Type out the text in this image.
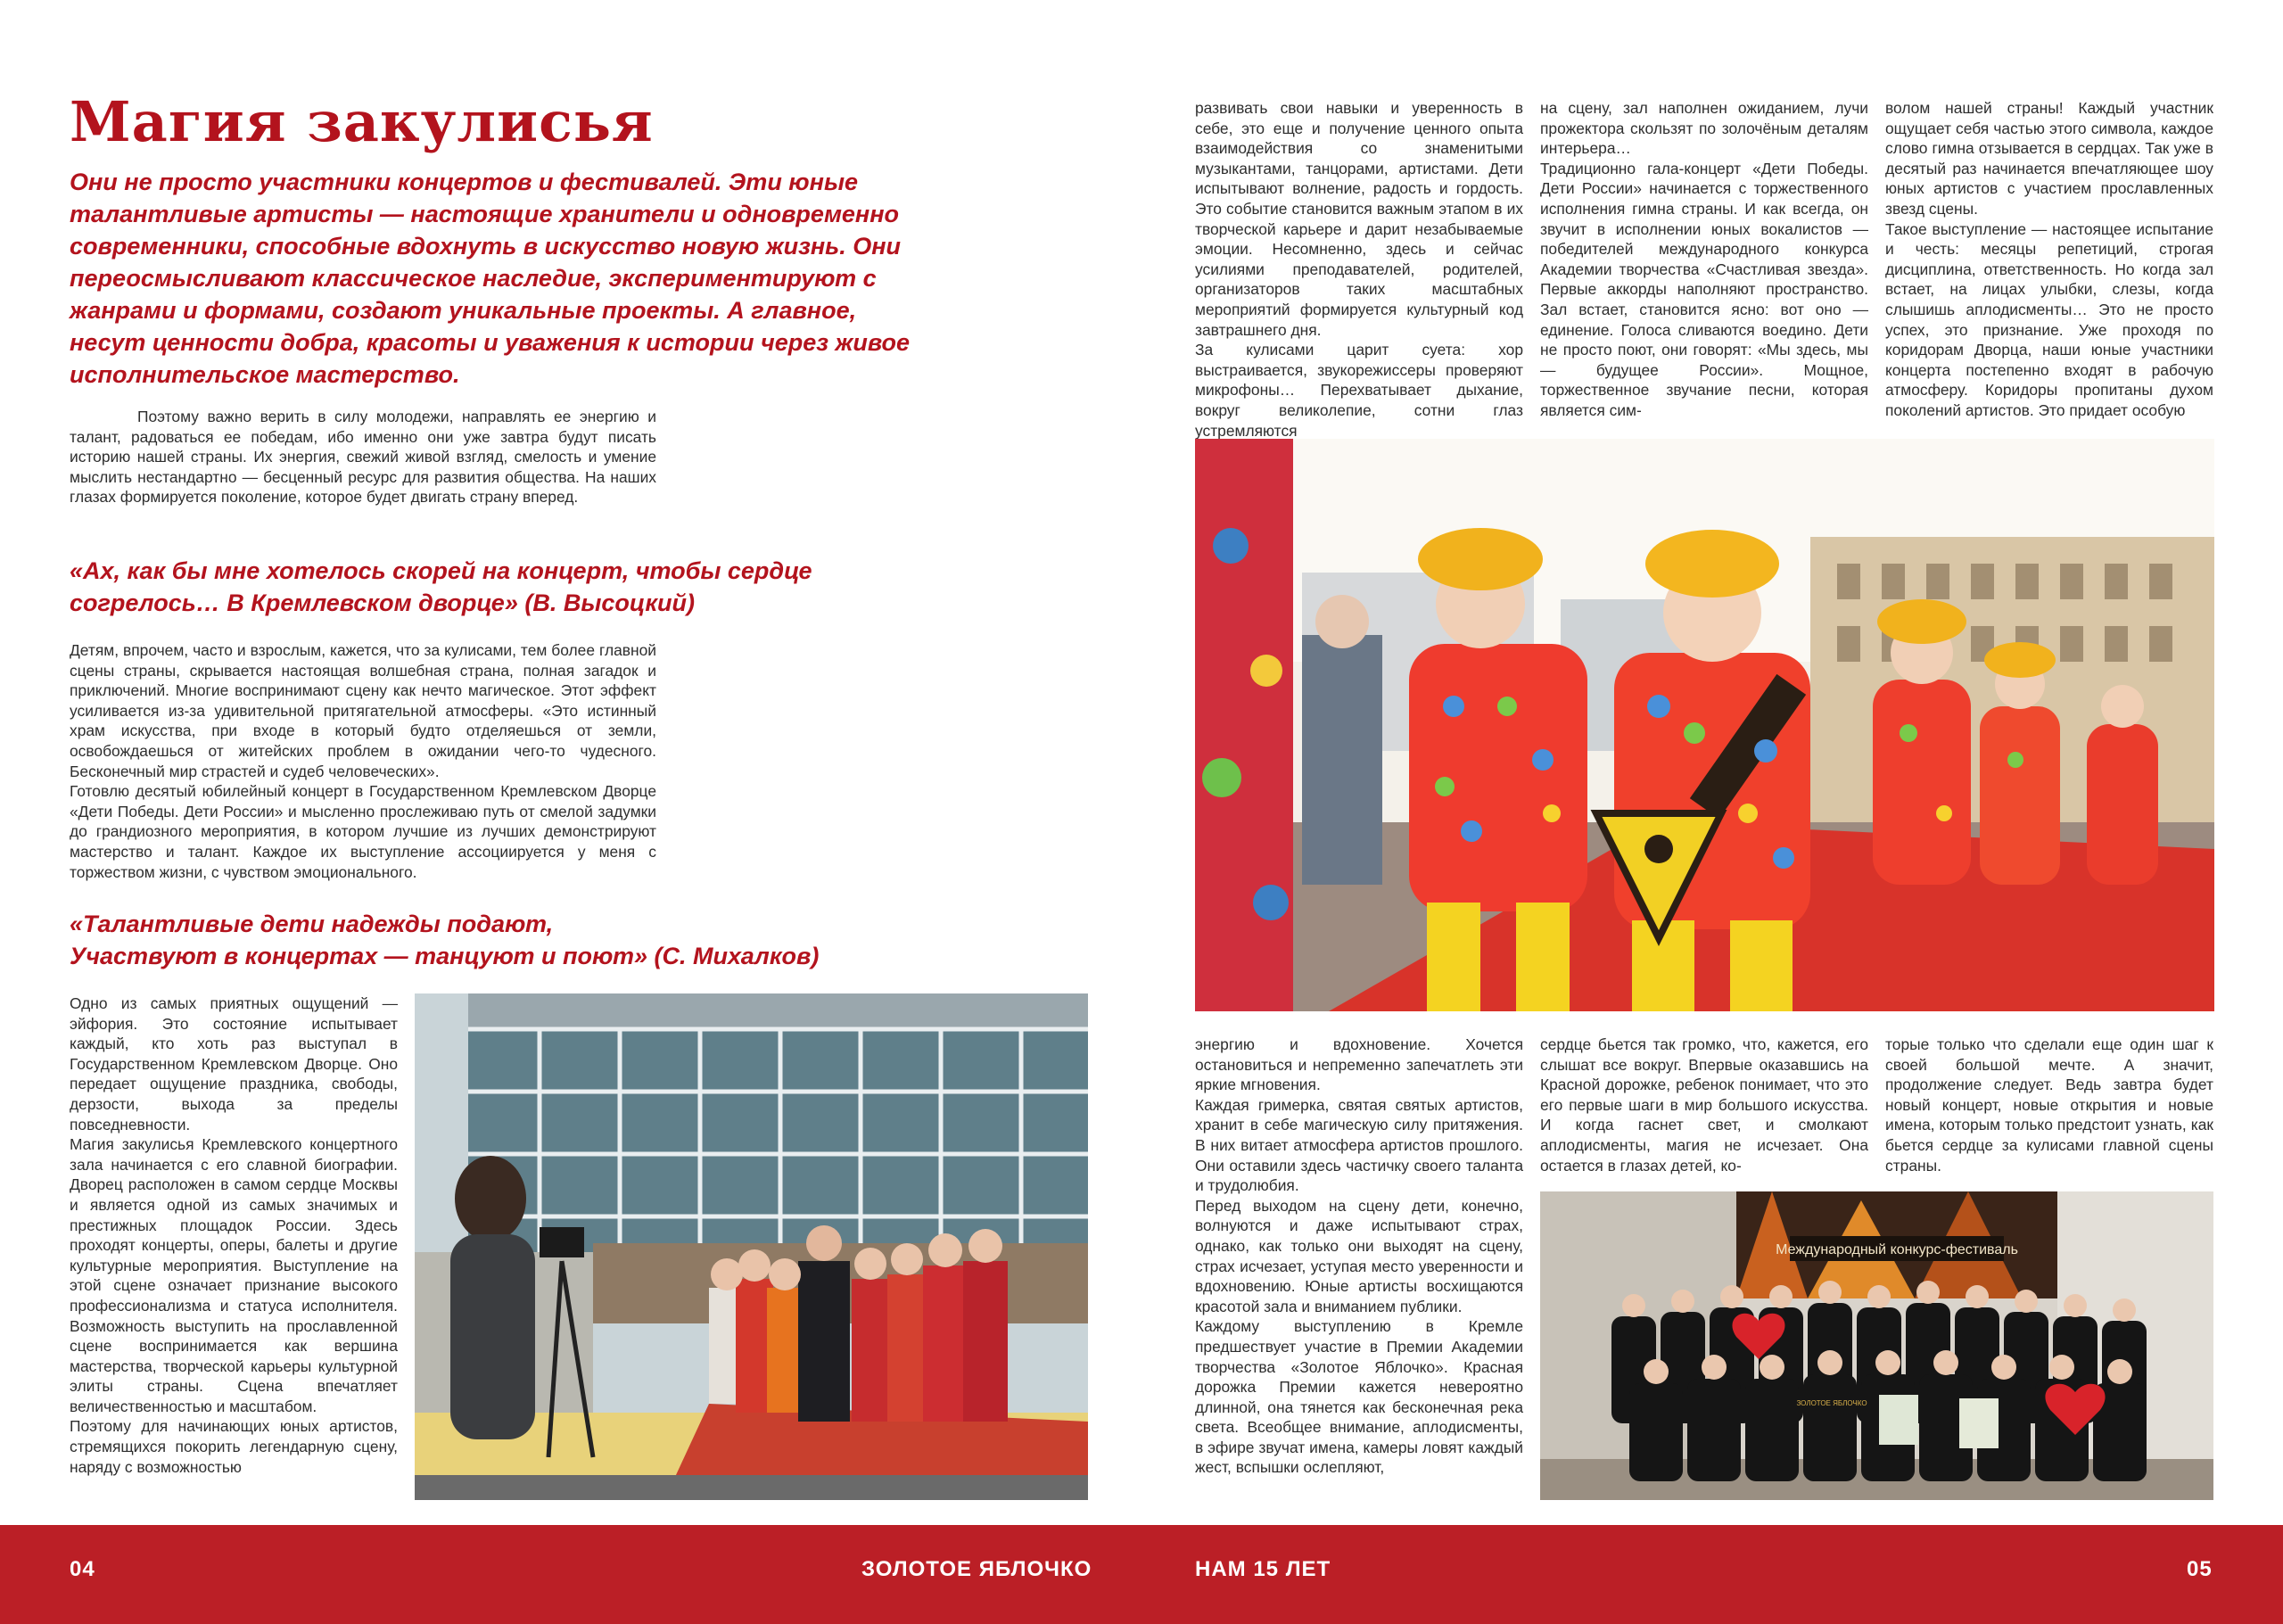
Магия закулисья

Они не просто участники концертов и фестивалей. Эти юные талантливые артисты — настоящие хранители и одновременно современники, способные вдохнуть в искусство новую жизнь. Они переосмысливают классическое наследие, экспериментируют с жанрами и формами, создают уникальные проекты. А главное, несут ценности добра, красоты и уважения к истории через живое исполнительское мастерство.

Поэтому важно верить в силу молодежи, направлять ее энергию и талант, радоваться ее победам, ибо именно они уже завтра будут писать историю нашей страны. Их энергия, свежий живой взгляд, смелость и умение мыслить нестандартно — бесценный ресурс для развития общества. На наших глазах формируется поколение, которое будет двигать страну вперед.

«Ах, как бы мне хотелось скорей на концерт, чтобы сердце согрелось… В Кремлевском дворце» (В. Высоцкий)

Детям, впрочем, часто и взрослым, кажется, что за кулисами, тем более главной сцены страны, скрывается настоящая волшебная страна, полная загадок и приключений. Многие воспринимают сцену как нечто магическое. Этот эффект усиливается из-за удивительной притягательной атмосферы. «Это истинный храм искусства, при входе в который будто отделяешься от земли, освобождаешься от житейских проблем в ожидании чего-то чудесного. Бесконечный мир страстей и судеб человеческих».

Готовлю десятый юбилейный концерт в Государственном Кремлевском Дворце «Дети Победы. Дети России» и мысленно прослеживаю путь от смелой задумки до грандиозного мероприятия, в котором лучшие из лучших демонстрируют мастерство и талант. Каждое их выступление ассоциируется у меня с торжеством жизни, с чувством эмоционального.

«Талантливые дети надежды подают,

Участвуют в концертах — танцуют и поют» (С. Михалков)

Одно из самых приятных ощущений — эйфория. Это состояние испытывает каждый, кто хоть раз выступал в Государственном Кремлевском Дворце. Оно передает ощущение праздника, свободы, дерзости, выхода за пределы повседневности.

Магия закулисья Кремлевского концертного зала начинается с его славной биографии. Дворец расположен в самом сердце Москвы и является одной из самых значимых и престижных площадок России. Здесь проходят концерты, оперы, балеты и другие культурные мероприятия. Выступление на этой сцене означает признание высокого профессионализма и статуса исполнителя. Возможность выступить на прославленной сцене воспринимается как вершина мастерства, творческой карьеры культурной элиты страны. Сцена впечатляет величественностью и масштабом.

Поэтому для начинающих юных артистов, стремящихся покорить легендарную сцену, наряду с возможностью

развивать свои навыки и уверенность в себе, это еще и получение ценного опыта взаимодействия со знаменитыми музыкантами, танцорами, артистами. Дети испытывают волнение, радость и гордость. Это событие становится важным этапом в их творческой карьере и дарит незабываемые эмоции. Несомненно, здесь и сейчас усилиями преподавателей, родителей, организаторов таких масштабных мероприятий формируется культурный код завтрашнего дня.

За кулисами царит суета: хор выстраивается, звукорежиссеры проверяют микрофоны… Перехватывает дыхание, вокруг великолепие, сотни глаз устремляются

на сцену, зал наполнен ожиданием, лучи прожектора скользят по золочёным деталям интерьера…

Традиционно гала-концерт «Дети Победы. Дети России» начинается с торжественного исполнения гимна страны. И как всегда, он звучит в исполнении юных вокалистов — победителей международного конкурса Академии творчества «Счастливая звезда». Первые аккорды наполняют пространство. Зал встает, становится ясно: вот оно — единение. Голоса сливаются воедино. Дети не просто поют, они говорят: «Мы здесь, мы — будущее России». Мощное, торжественное звучание песни, которая является сим-

волом нашей страны! Каждый участник ощущает себя частью этого символа, каждое слово гимна отзывается в сердцах. Так уже в десятый раз начинается впечатляющее шоу юных артистов с участием прославленных звезд сцены.

Такое выступление — настоящее испытание и честь: месяцы репетиций, строгая дисциплина, ответственность. Но когда зал встает, на лицах улыбки, слезы, когда слышишь аплодисменты… Это не просто успех, это признание. Уже проходя по коридорам Дворца, наши юные участники концерта постепенно входят в рабочую атмосферу. Коридоры пропитаны духом поколений артистов. Это придает особую

энергию и вдохновение. Хочется остановиться и непременно запечатлеть эти яркие мгновения.

Каждая гримерка, святая святых артистов, хранит в себе магическую силу притяжения. В них витает атмосфера артистов прошлого. Они оставили здесь частичку своего таланта и трудолюбия.

Перед выходом на сцену дети, конечно, волнуются и даже испытывают страх, однако, как только они выходят на сцену, страх исчезает, уступая место уверенности и вдохновению. Юные артисты восхищаются красотой зала и вниманием публики.

Каждому выступлению в Кремле предшествует участие в Премии Академии творчества «Золотое Яблочко». Красная дорожка Премии кажется невероятно длинной, она тянется как бесконечная река света. Всеобщее внимание, аплодисменты, в эфире звучат имена, камеры ловят каждый жест, вспышки ослепляют,

сердце бьется так громко, что, кажется, его слышат все вокруг. Впервые оказавшись на Красной дорожке, ребенок понимает, что это его первые шаги в мир большого искусства. И когда гаснет свет, и смолкают аплодисменты, магия не исчезает. Она остается в глазах детей, ко-

торые только что сделали еще один шаг к своей большой мечте. А значит, продолжение следует. Ведь завтра будет новый концерт, новые открытия и новые имена, которым только предстоит узнать, как бьется сердце за кулисами главной сцены страны.

Международный конкурс-фестиваль
ЗОЛОТОЕ ЯБЛОЧКО
04	ЗОЛОТОЕ ЯБЛОЧКО	НАМ 15 ЛЕТ	05
